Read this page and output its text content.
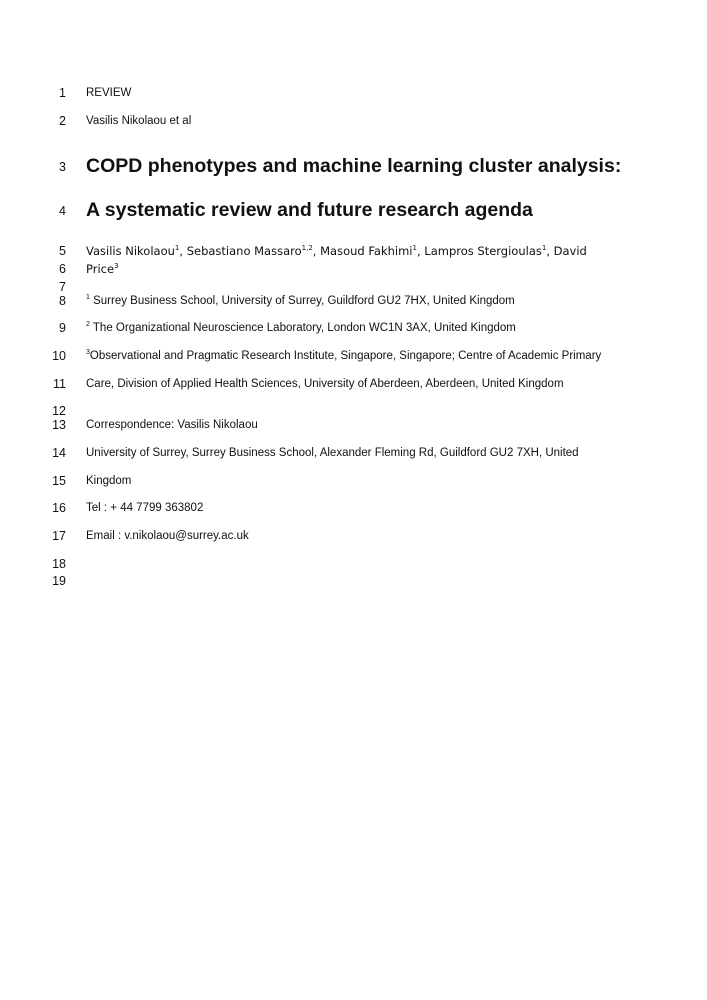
1
2
3
4
5
6
7
8
9
10
11
12
13
14
15
16
17
18
19
REVIEW
Vasilis Nikolaou et al
COPD phenotypes and machine learning cluster analysis:
A systematic review and future research agenda
Vasilis Nikolaou$^1$, Sebastiano Massaro$^{1,2}$, Masoud Fakhimi$^1$, Lampros Stergioulas$^1$, David
Price$^3$
$^1$ Surrey Business School, University of Surrey, Guildford GU2 7HX, United Kingdom
$^2$ The Organizational Neuroscience Laboratory, London WC1N 3AX, United Kingdom
$^3$Observational and Pragmatic Research Institute, Singapore, Singapore; Centre of Academic Primary
Care, Division of Applied Health Sciences, University of Aberdeen, Aberdeen, United Kingdom
Correspondence: Vasilis Nikolaou
University of Surrey, Surrey Business School, Alexander Fleming Rd, Guildford GU2 7XH, United
Kingdom
Tel : + 44 7799 363802
Email : v.nikolaou@surrey.ac.uk
